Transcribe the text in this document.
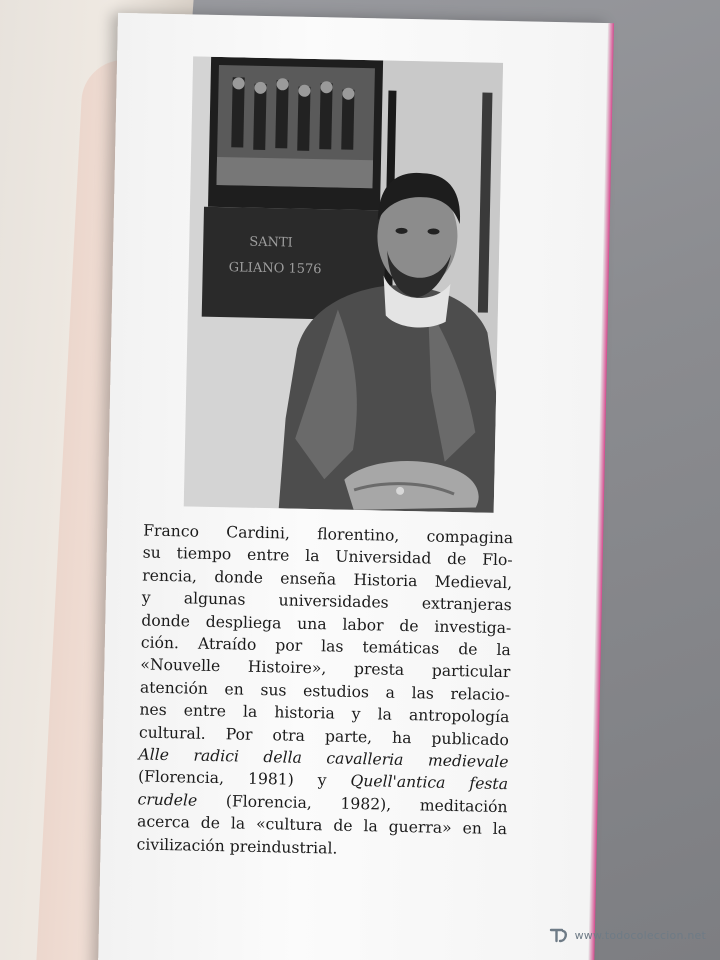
SANTI
GLIANO 1576
Franco Cardini, florentino, compagina
su tiempo entre la Universidad de Flo-
rencia, donde enseña Historia Medieval,
y algunas universidades extranjeras
donde despliega una labor de investiga-
ción. Atraído por las temáticas de la
«Nouvelle Histoire», presta particular
atención en sus estudios a las relacio-
nes entre la historia y la antropología
cultural. Por otra parte, ha publicado
Alle radici della cavalleria medievale
(Florencia, 1981) y Quell'antica festa
crudele (Florencia, 1982), meditación
acerca de la «cultura de la guerra» en la
civilización preindustrial.
www.todocoleccion.net
